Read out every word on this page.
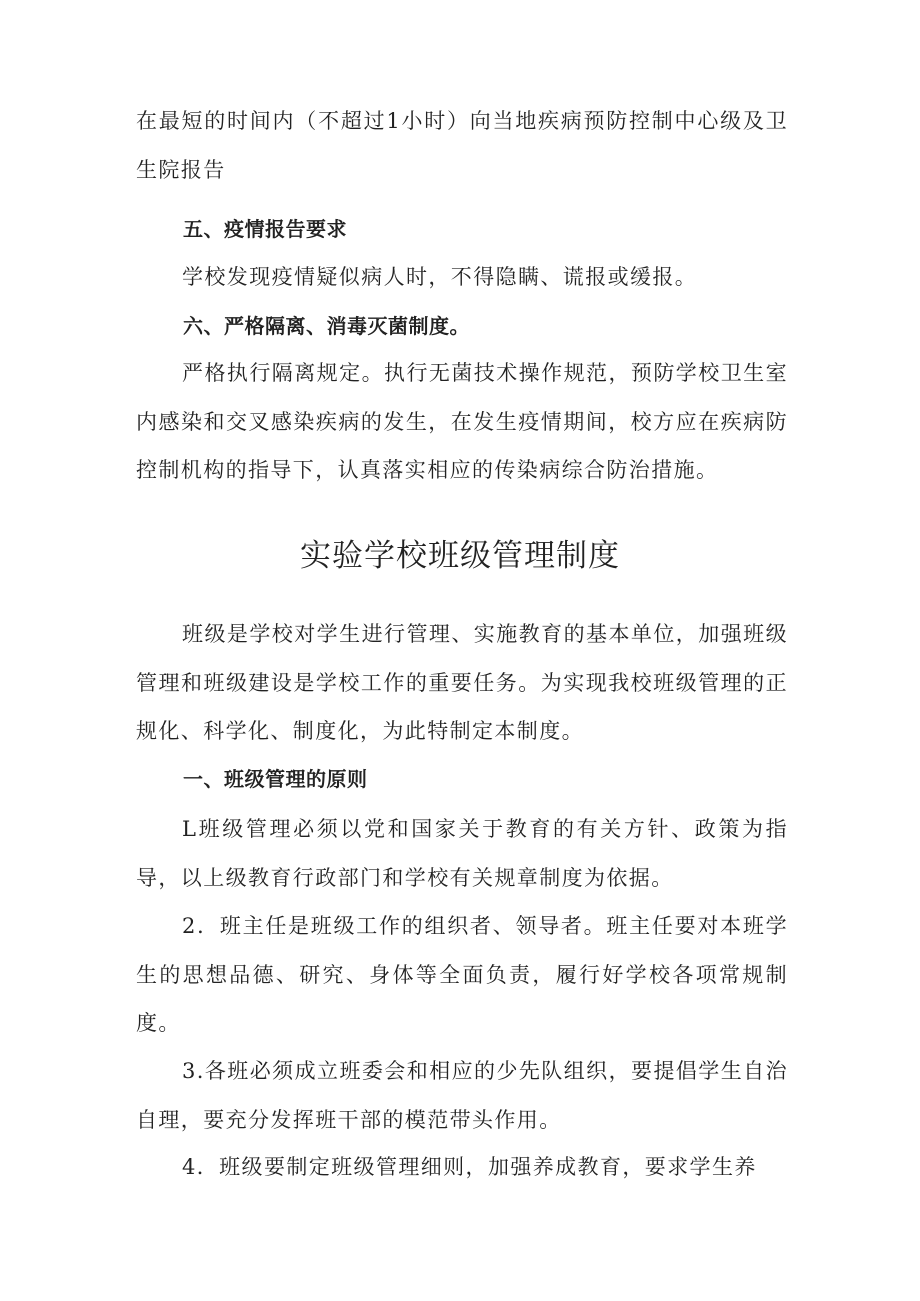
在最短的时间内（不超过1小时）向当地疾病预防控制中心级及卫生院报告

五、疫情报告要求

学校发现疫情疑似病人时，不得隐瞒、谎报或缓报。

六、严格隔离、消毒灭菌制度。

严格执行隔离规定。执行无菌技术操作规范，预防学校卫生室内感染和交叉感染疾病的发生，在发生疫情期间，校方应在疾病防控制机构的指导下，认真落实相应的传染病综合防治措施。

实验学校班级管理制度

班级是学校对学生进行管理、实施教育的基本单位，加强班级管理和班级建设是学校工作的重要任务。为实现我校班级管理的正规化、科学化、制度化，为此特制定本制度。

一、班级管理的原则

L班级管理必须以党和国家关于教育的有关方针、政策为指导，以上级教育行政部门和学校有关规章制度为依据。

2．班主任是班级工作的组织者、领导者。班主任要对本班学生的思想品德、研究、身体等全面负责，履行好学校各项常规制度。

3.各班必须成立班委会和相应的少先队组织，要提倡学生自治自理，要充分发挥班干部的模范带头作用。

4．班级要制定班级管理细则，加强养成教育，要求学生养
